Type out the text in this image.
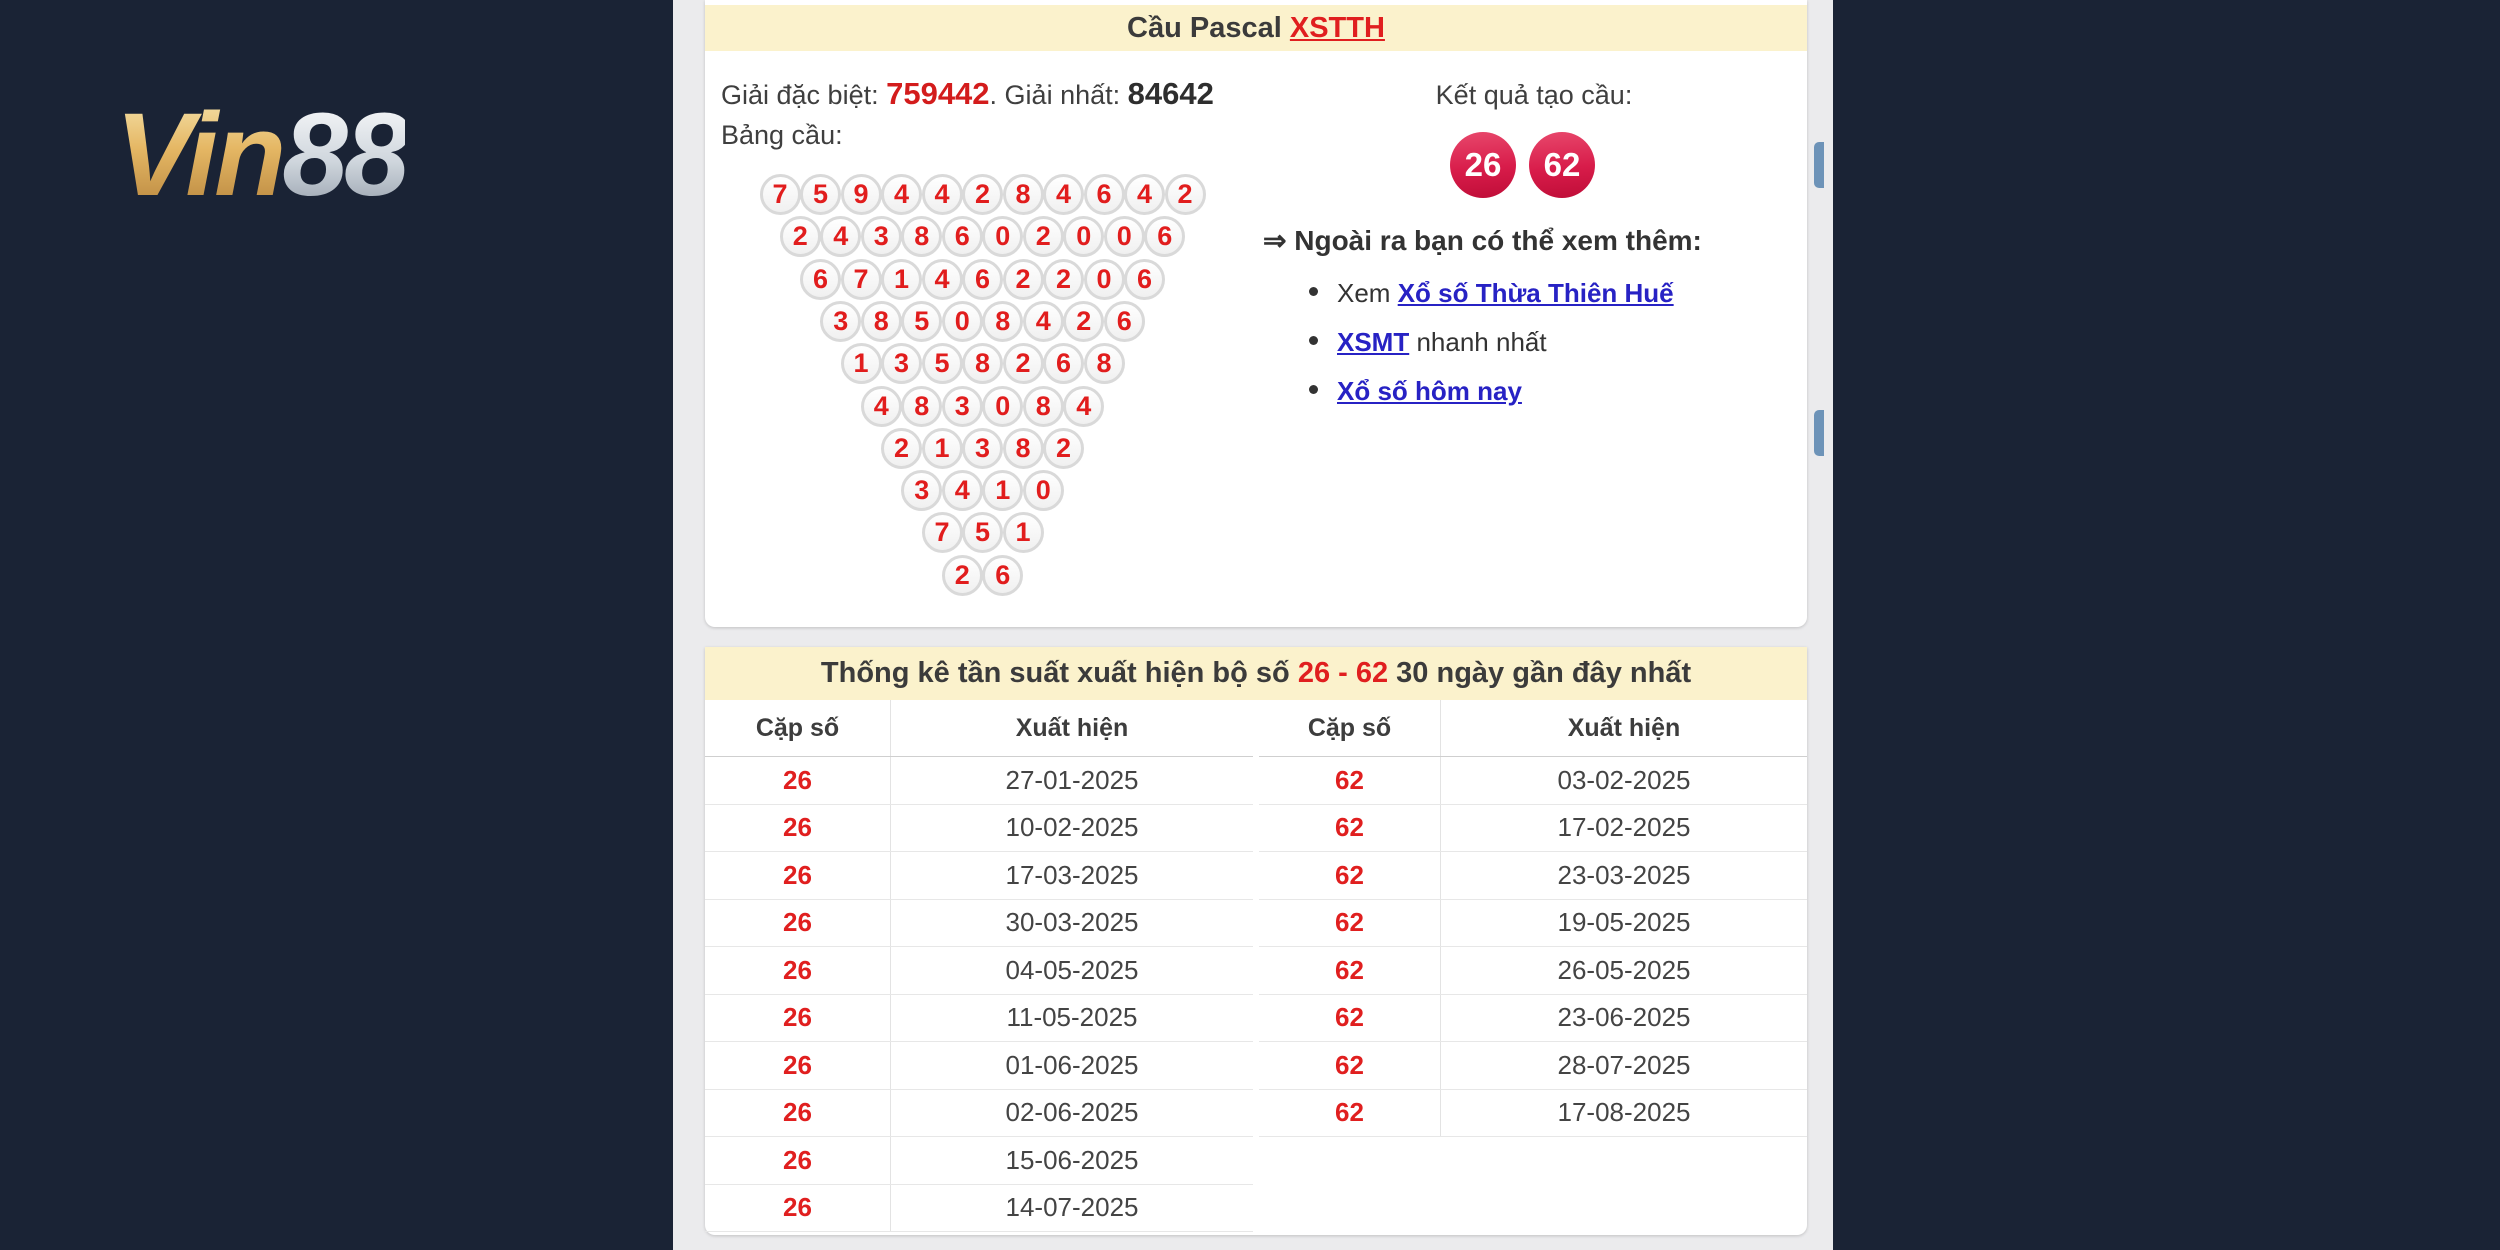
Vin88
Cầu Pascal XSTTH
Giải đặc biệt: 759442. Giải nhất: 84642
Bảng cầu:
7 5 9 4 4 2 8 4 6 4 2
2 4 3 8 6 0 2 0 0 6
6 7 1 4 6 2 2 0 6
3 8 5 0 8 4 2 6
1 3 5 8 2 6 8
4 8 3 0 8 4
2 1 3 8 2
3 4 1 0
7 5 1
2 6
Kết quả tạo cầu:
26	62
⇒ Ngoài ra bạn có thể xem thêm:
Xem Xổ số Thừa Thiên Huế
XSMT nhanh nhất
Xổ số hôm nay
Thống kê tần suất xuất hiện bộ số 26 - 62 30 ngày gần đây nhất
Cặp số	Xuất hiện
26	27-01-2025
26	10-02-2025
26	17-03-2025
26	30-03-2025
26	04-05-2025
26	11-05-2025
26	01-06-2025
26	02-06-2025
26	15-06-2025
26	14-07-2025
Cặp số	Xuất hiện
62	03-02-2025
62	17-02-2025
62	23-03-2025
62	19-05-2025
62	26-05-2025
62	23-06-2025
62	28-07-2025
62	17-08-2025
